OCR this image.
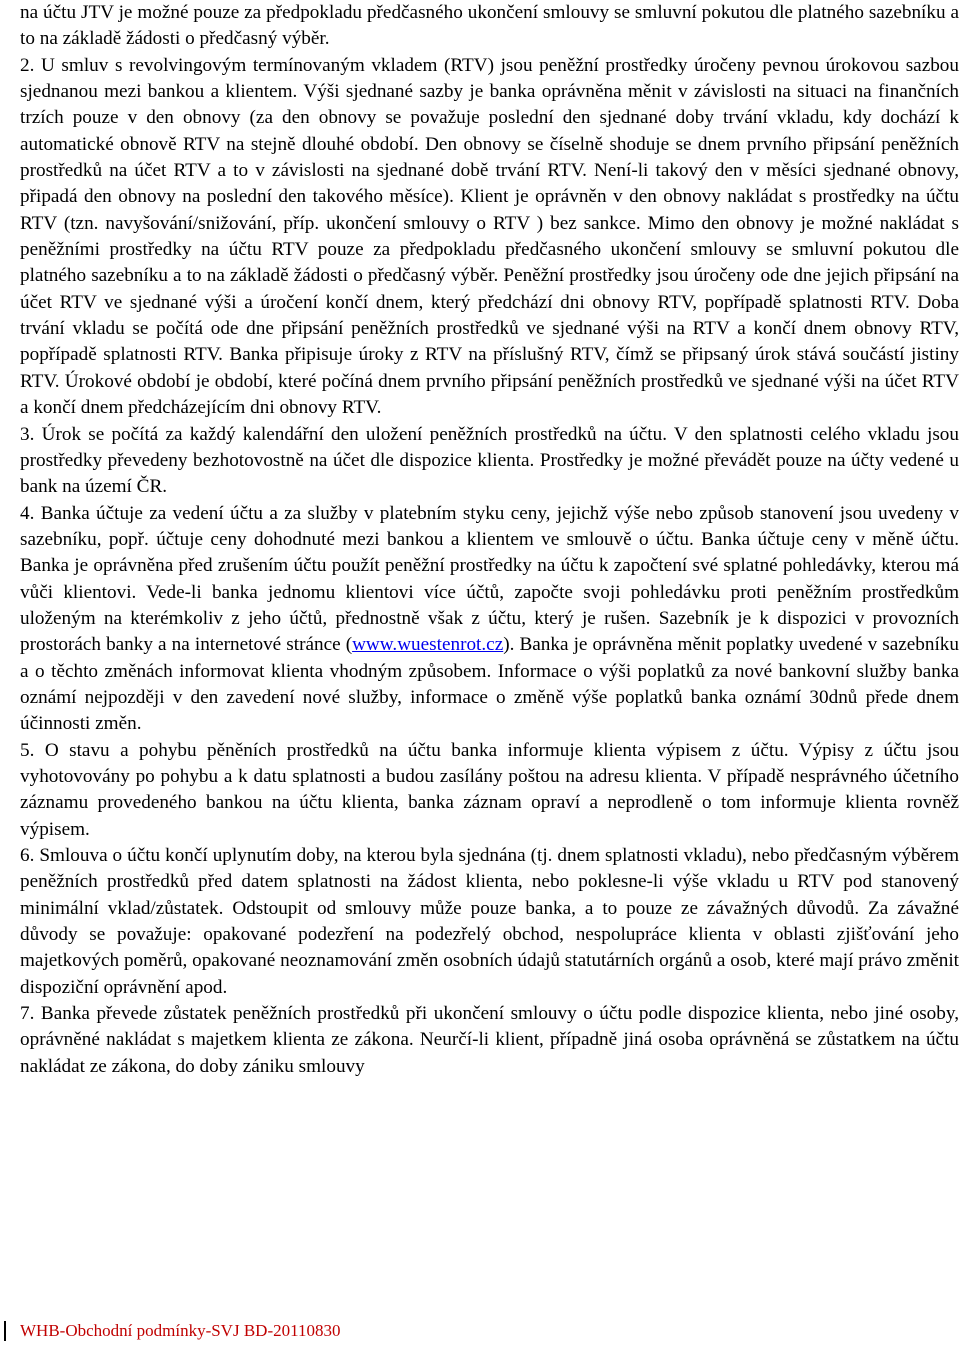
na účtu JTV je možné pouze za předpokladu předčasného ukončení smlouvy se smluvní pokutou dle platného sazebníku a to na základě žádosti o předčasný výběr.

2. U smluv s revolvingovým termínovaným vkladem (RTV) jsou peněžní prostředky úročeny pevnou úrokovou sazbou sjednanou mezi bankou a klientem. Výši sjednané sazby je banka oprávněna měnit v závislosti na situaci na finančních trzích pouze v den obnovy (za den obnovy se považuje poslední den sjednané doby trvání vkladu, kdy dochází k automatické obnově RTV na stejně dlouhé období. Den obnovy se číselně shoduje se dnem prvního připsání peněžních prostředků na účet RTV a to v závislosti na sjednané době trvání RTV. Není-li takový den v měsíci sjednané obnovy, připadá den obnovy na poslední den takového měsíce). Klient je oprávněn v den obnovy nakládat s prostředky na účtu RTV (tzn. navyšování/snižování, příp. ukončení smlouvy o RTV ) bez sankce. Mimo den obnovy je možné nakládat s peněžními prostředky na účtu RTV pouze za předpokladu předčasného ukončení smlouvy se smluvní pokutou dle platného sazebníku a to na základě žádosti o předčasný výběr. Peněžní prostředky jsou úročeny ode dne jejich připsání na účet RTV ve sjednané výši a úročení končí dnem, který předchází dni obnovy RTV, popřípadě splatnosti RTV. Doba trvání vkladu se počítá ode dne připsání peněžních prostředků ve sjednané výši na RTV a končí dnem obnovy RTV, popřípadě splatnosti RTV. Banka připisuje úroky z RTV na příslušný RTV, čímž se připsaný úrok stává součástí jistiny RTV. Úrokové období je období, které počíná dnem prvního připsání peněžních prostředků ve sjednané výši na účet RTV a končí dnem předcházejícím dni obnovy RTV.

3. Úrok se počítá za každý kalendářní den uložení peněžních prostředků na účtu. V den splatnosti celého vkladu jsou prostředky převedeny bezhotovostně na účet dle dispozice klienta. Prostředky je možné převádět pouze na účty vedené u bank na území ČR.

4. Banka účtuje za vedení účtu a za služby v platebním styku ceny, jejichž výše nebo způsob stanovení jsou uvedeny v sazebníku, popř. účtuje ceny dohodnuté mezi bankou a klientem ve smlouvě o účtu. Banka účtuje ceny v měně účtu. Banka je oprávněna před zrušením účtu použít peněžní prostředky na účtu k započtení své splatné pohledávky, kterou má vůči klientovi. Vede-li banka jednomu klientovi více účtů, započte svoji pohledávku proti peněžním prostředkům uloženým na kterémkoliv z jeho účtů, přednostně však z účtu, který je rušen. Sazebník je k dispozici v provozních prostorách banky a na internetové stránce (www.wuestenrot.cz). Banka je oprávněna měnit poplatky uvedené v sazebníku a o těchto změnách informovat klienta vhodným způsobem. Informace o výši poplatků za nové bankovní služby banka oznámí nejpozději v den zavedení nové služby, informace o změně výše poplatků banka oznámí 30dnů přede dnem účinnosti změn.

5. O stavu a pohybu pěněních prostředků na účtu banka informuje klienta výpisem z účtu. Výpisy z účtu jsou vyhotovovány po pohybu a k datu splatnosti a budou zasílány poštou na adresu klienta. V případě nesprávného účetního záznamu provedeného bankou na účtu klienta, banka záznam opraví a neprodleně o tom informuje klienta rovněž výpisem.

6. Smlouva o účtu končí uplynutím doby, na kterou byla sjednána (tj. dnem splatnosti vkladu), nebo předčasným výběrem peněžních prostředků před datem splatnosti na žádost klienta, nebo poklesne-li výše vkladu u RTV pod stanovený minimální vklad/zůstatek. Odstoupit od smlouvy může pouze banka, a to pouze ze závažných důvodů. Za závažné důvody se považuje: opakované podezření na podezřelý obchod, nespolupráce klienta v oblasti zjišťování jeho majetkových poměrů, opakované neoznamování změn osobních údajů statutárních orgánů a osob, které mají právo změnit dispoziční oprávnění apod.

7. Banka převede zůstatek peněžních prostředků při ukončení smlouvy o účtu podle dispozice klienta, nebo jiné osoby, oprávněné nakládat s majetkem klienta ze zákona. Neurčí-li klient, případně jiná osoba oprávněná se zůstatkem na účtu nakládat ze zákona, do doby zániku smlouvy

WHB-Obchodní podmínky-SVJ BD-20110830
